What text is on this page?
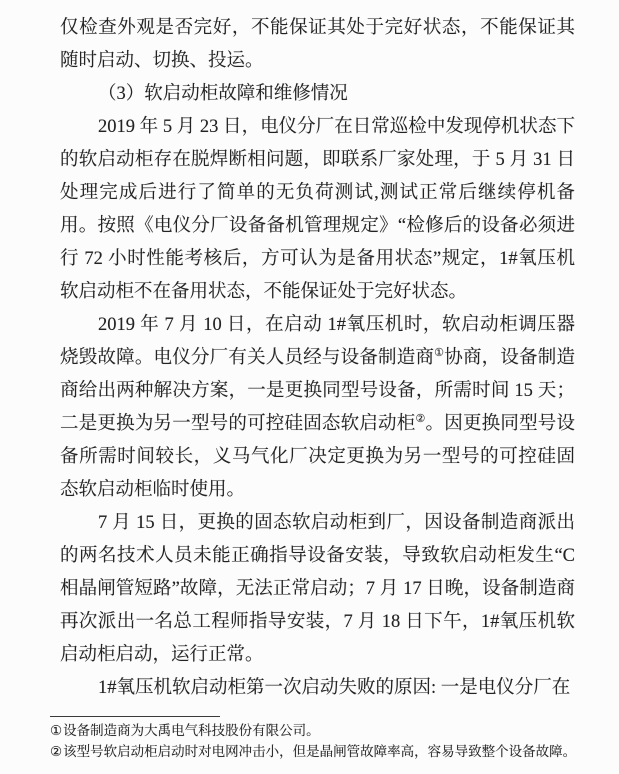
仅检查外观是否完好，不能保证其处于完好状态，不能保证其随时启动、切换、投运。

（3）软启动柜故障和维修情况

2019 年 5 月 23 日，电仪分厂在日常巡检中发现停机状态下的软启动柜存在脱焊断相问题，即联系厂家处理，于 5 月 31 日处理完成后进行了简单的无负荷测试,测试正常后继续停机备用。按照《电仪分厂设备备机管理规定》“检修后的设备必须进行 72 小时性能考核后，方可认为是备用状态”规定，1#氧压机软启动柜不在备用状态，不能保证处于完好状态。

2019 年 7 月 10 日，在启动 1#氧压机时，软启动柜调压器烧毁故障。电仪分厂有关人员经与设备制造商①协商，设备制造商给出两种解决方案，一是更换同型号设备，所需时间 15 天；二是更换为另一型号的可控硅固态软启动柜②。因更换同型号设备所需时间较长，义马气化厂决定更换为另一型号的可控硅固态软启动柜临时使用。

7 月 15 日，更换的固态软启动柜到厂，因设备制造商派出的两名技术人员未能正确指导设备安装，导致软启动柜发生“C相晶闸管短路”故障，无法正常启动；7 月 17 日晚，设备制造商再次派出一名总工程师指导安装，7 月 18 日下午，1#氧压机软启动柜启动，运行正常。

1#氧压机软启动柜第一次启动失败的原因: 一是电仪分厂在

①设备制造商为大禹电气科技股份有限公司。
②该型号软启动柜启动时对电网冲击小，但是晶闸管故障率高，容易导致整个设备故障。
